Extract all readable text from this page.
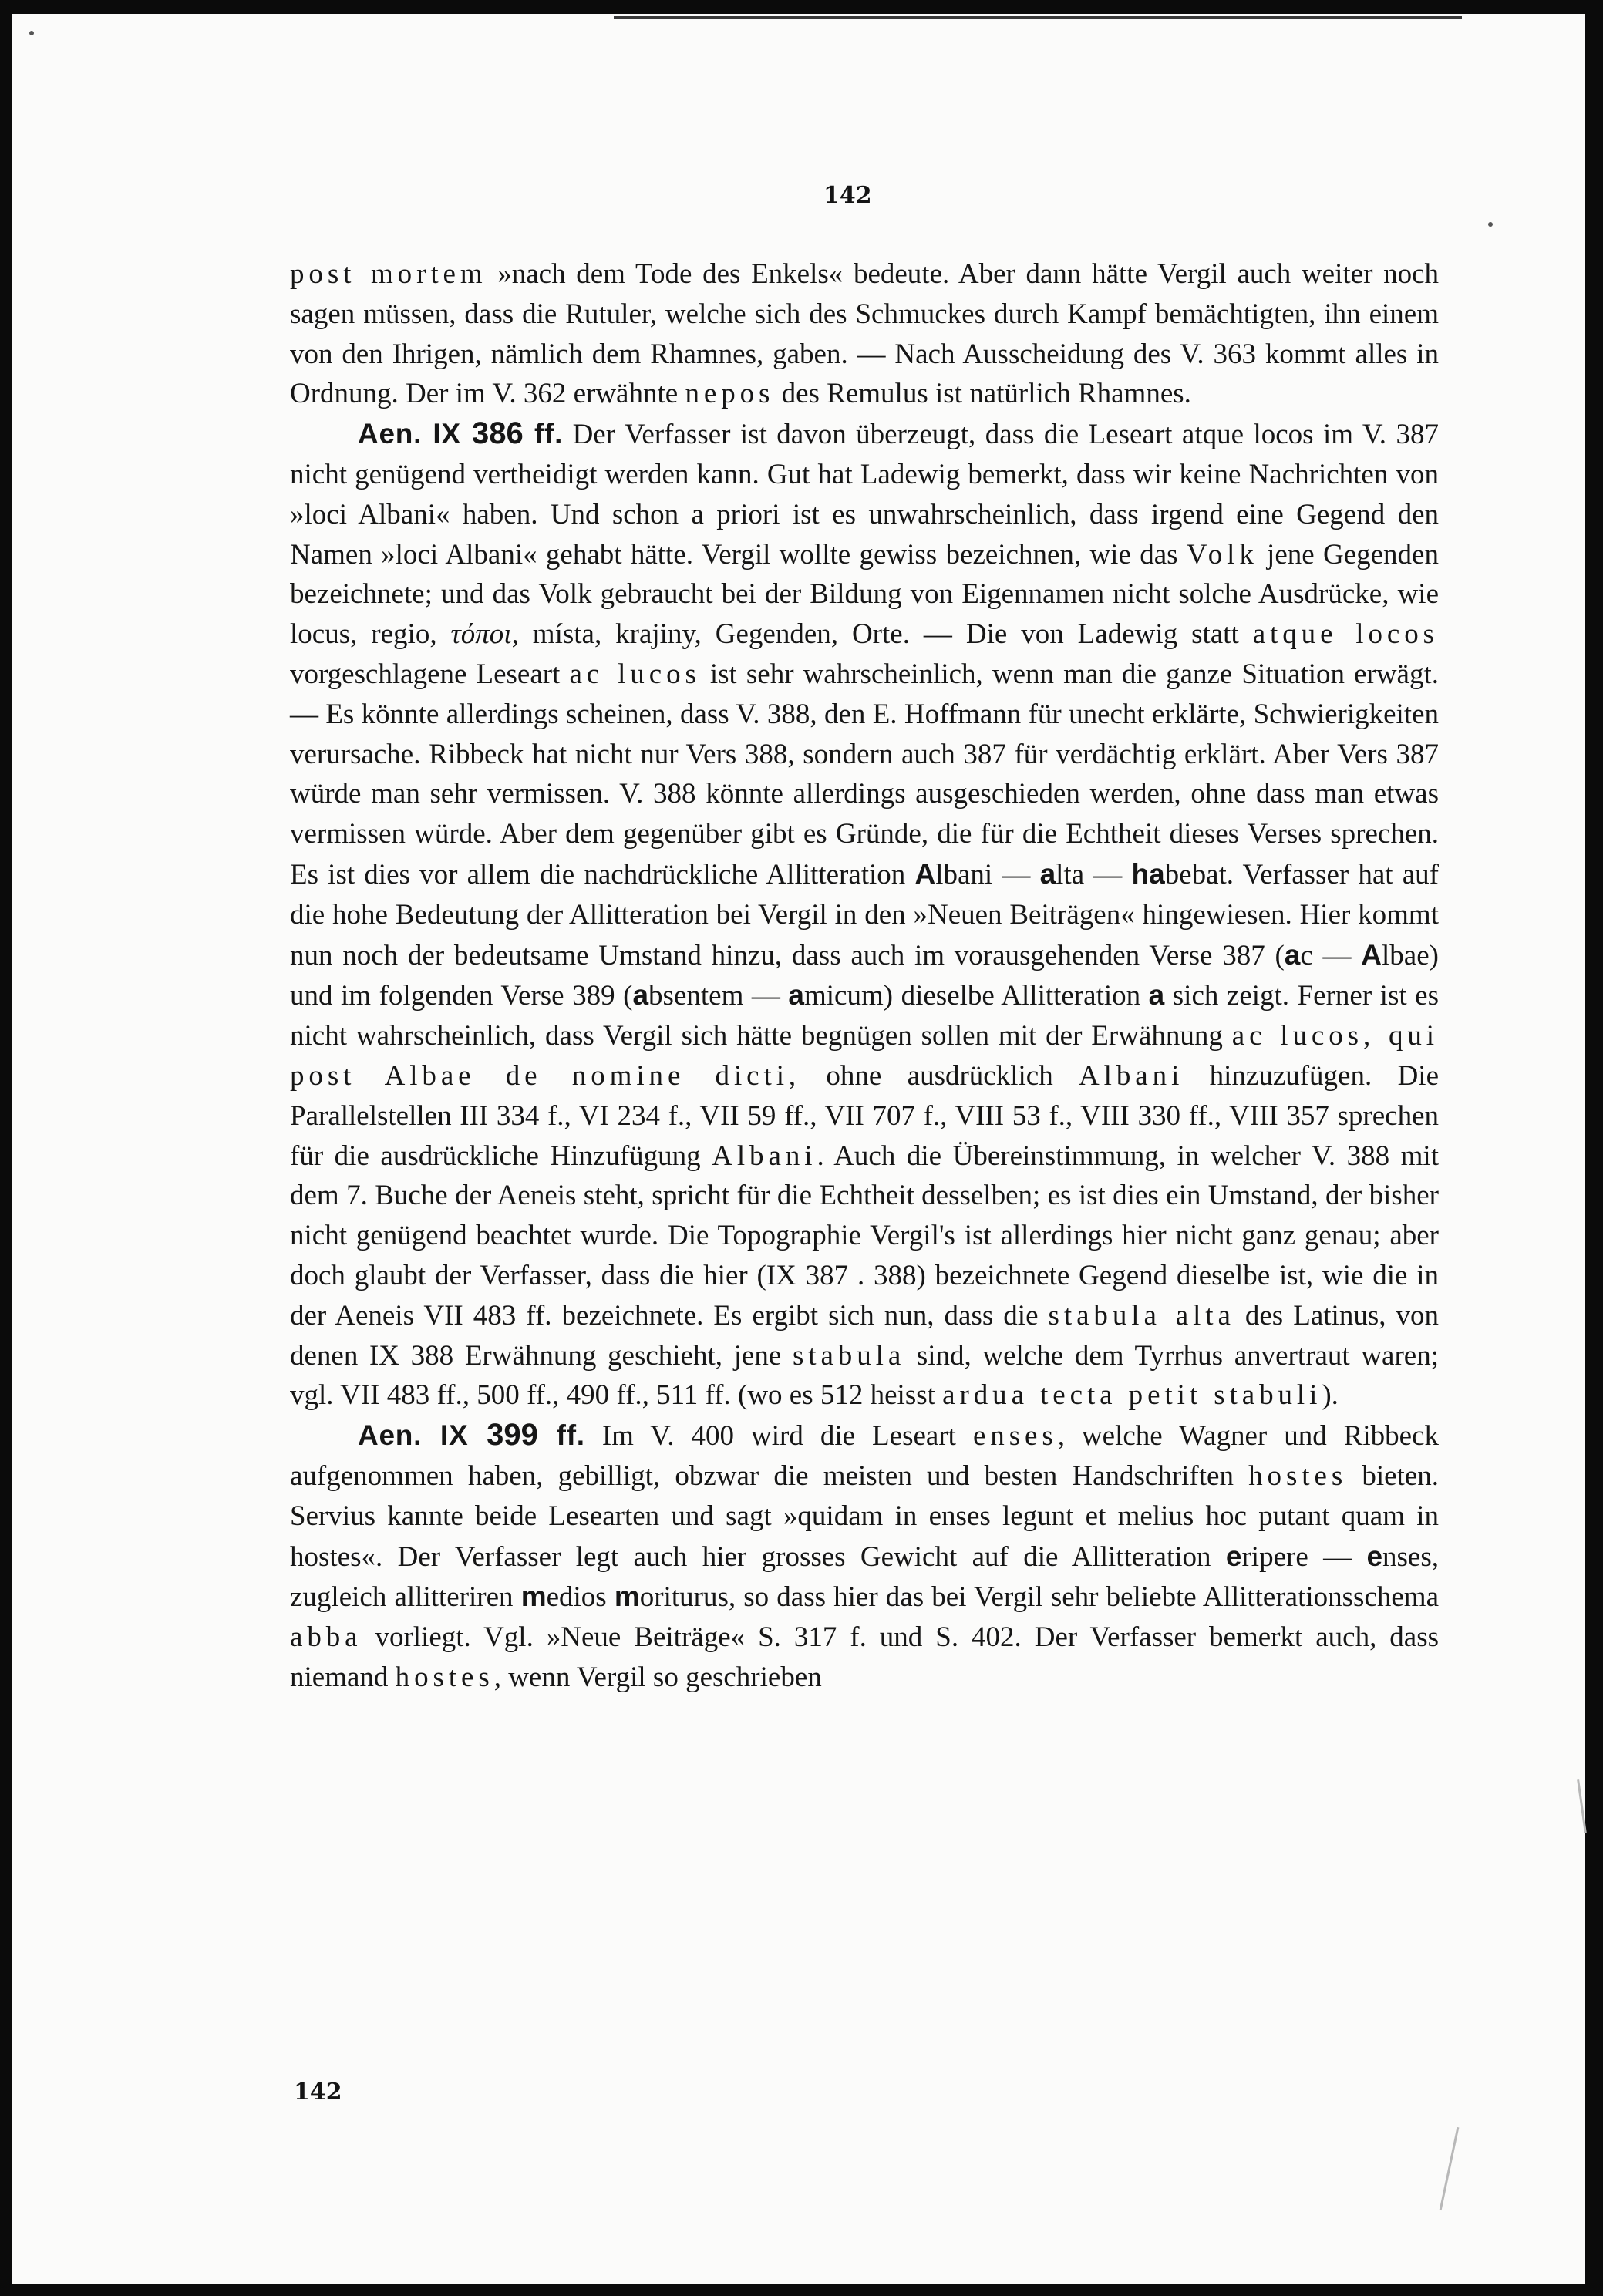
142

post mortem »nach dem Tode des Enkels« bedeute. Aber dann hätte Vergil auch weiter noch sagen müssen, dass die Rutuler, welche sich des Schmuckes durch Kampf bemächtigten, ihn einem von den Ihrigen, nämlich dem Rhamnes, gaben. — Nach Ausscheidung des V. 363 kommt alles in Ordnung. Der im V. 362 erwähnte nepos des Remulus ist natürlich Rhamnes.

Aen. IX 386 ff. Der Verfasser ist davon überzeugt, dass die Leseart atque locos im V. 387 nicht genügend vertheidigt werden kann. Gut hat Ladewig bemerkt, dass wir keine Nachrichten von »loci Albani« haben. Und schon a priori ist es unwahrscheinlich, dass irgend eine Gegend den Namen »loci Albani« gehabt hätte. Vergil wollte gewiss bezeichnen, wie das Volk jene Gegenden bezeichnete; und das Volk gebraucht bei der Bildung von Eigennamen nicht solche Ausdrücke, wie locus, regio, τόποι, místa, krajiny, Gegenden, Orte. — Die von Ladewig statt atque locos vorgeschlagene Leseart ac lucos ist sehr wahrscheinlich, wenn man die ganze Situation erwägt. — Es könnte allerdings scheinen, dass V. 388, den E. Hoffmann für unecht erklärte, Schwierigkeiten verursache. Ribbeck hat nicht nur Vers 388, sondern auch 387 für verdächtig erklärt. Aber Vers 387 würde man sehr vermissen. V. 388 könnte allerdings ausgeschieden werden, ohne dass man etwas vermissen würde. Aber dem gegenüber gibt es Gründe, die für die Echtheit dieses Verses sprechen. Es ist dies vor allem die nachdrückliche Allitteration Albani — alta — habebat. Verfasser hat auf die hohe Bedeutung der Allitteration bei Vergil in den »Neuen Beiträgen« hingewiesen. Hier kommt nun noch der bedeutsame Umstand hinzu, dass auch im vorausgehenden Verse 387 (ac — Albae) und im folgenden Verse 389 (absentem — amicum) dieselbe Allitteration a sich zeigt. Ferner ist es nicht wahrscheinlich, dass Vergil sich hätte begnügen sollen mit der Erwähnung ac lucos, qui post Albae de nomine dicti, ohne ausdrücklich Albani hinzuzufügen. Die Parallelstellen III 334 f., VI 234 f., VII 59 ff., VII 707 f., VIII 53 f., VIII 330 ff., VIII 357 sprechen für die ausdrückliche Hinzufügung Albani. Auch die Übereinstimmung, in welcher V. 388 mit dem 7. Buche der Aeneis steht, spricht für die Echtheit desselben; es ist dies ein Umstand, der bisher nicht genügend beachtet wurde. Die Topographie Vergil's ist allerdings hier nicht ganz genau; aber doch glaubt der Verfasser, dass die hier (IX 387 . 388) bezeichnete Gegend dieselbe ist, wie die in der Aeneis VII 483 ff. bezeichnete. Es ergibt sich nun, dass die stabula alta des Latinus, von denen IX 388 Erwähnung geschieht, jene stabula sind, welche dem Tyrrhus anvertraut waren; vgl. VII 483 ff., 500 ff., 490 ff., 511 ff. (wo es 512 heisst ardua tecta petit stabuli).

Aen. IX 399 ff. Im V. 400 wird die Leseart enses, welche Wagner und Ribbeck aufgenommen haben, gebilligt, obzwar die meisten und besten Handschriften hostes bieten. Servius kannte beide Lesearten und sagt »quidam in enses legunt et melius hoc putant quam in hostes«. Der Verfasser legt auch hier grosses Gewicht auf die Allitteration eripere — enses, zugleich allitteriren medios moriturus, so dass hier das bei Vergil sehr beliebte Allitterationsschema abba vorliegt. Vgl. »Neue Beiträge« S. 317 f. und S. 402. Der Verfasser bemerkt auch, dass niemand hostes, wenn Vergil so geschrieben

142
